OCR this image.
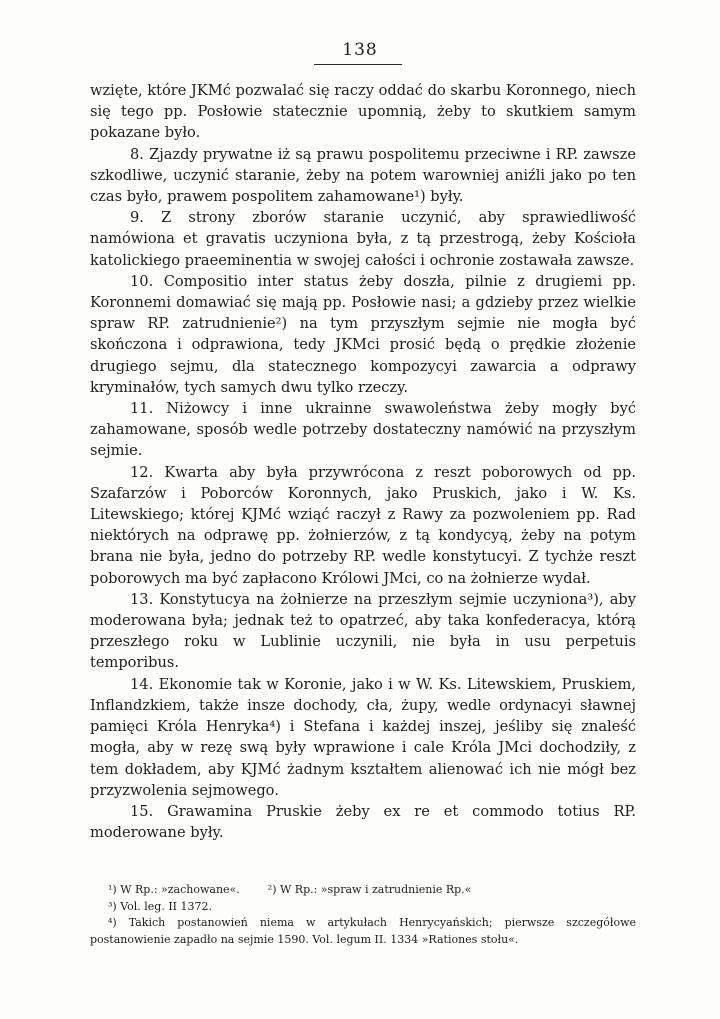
138

wzięte, które JKMć pozwalać się raczy oddać do skarbu Koronnego, niech się tego pp. Posłowie statecznie upomnią, żeby to skutkiem samym pokazane było.

8. Zjazdy prywatne iż są prawu pospolitemu przeciwne i RP. zawsze szkodliwe, uczynić staranie, żeby na potem warowniej aniźli jako po ten czas było, prawem pospolitem zahamowane¹) były.

9. Z strony zborów staranie uczynić, aby sprawiedliwość namówiona et gravatis uczyniona była, z tą przestrogą, żeby Kościoła katolickiego praeeminentia w swojej całości i ochronie zostawała zawsze.

10. Compositio inter status żeby doszła, pilnie z drugiemi pp. Koronnemi domawiać się mają pp. Posłowie nasi; a gdzieby przez wielkie spraw RP. zatrudnienie²) na tym przyszłym sejmie nie mogła być skończona i odprawiona, tedy JKMci prosić będą o prędkie złożenie drugiego sejmu, dla statecznego kompozycyi zawarcia a odprawy kryminałów, tych samych dwu tylko rzeczy.

11. Niżowcy i inne ukrainne swawoleństwa żeby mogły być zahamowane, sposób wedle potrzeby dostateczny namówić na przyszłym sejmie.

12. Kwarta aby była przywrócona z reszt poborowych od pp. Szafarzów i Poborców Koronnych, jako Pruskich, jako i W. Ks. Litewskiego; której KJMć wziąć raczył z Rawy za pozwoleniem pp. Rad niektórych na odprawę pp. żołnierzów, z tą kondycyą, żeby na potym brana nie była, jedno do potrzeby RP. wedle konstytucyi. Z tychże reszt poborowych ma być zapłacono Królowi JMci, co na żołnierze wydał.

13. Konstytucya na żołnierze na przeszłym sejmie uczyniona³), aby moderowana była; jednak też to opatrzeć, aby taka konfederacya, którą przeszłego roku w Lublinie uczynili, nie była in usu perpetuis temporibus.

14. Ekonomie tak w Koronie, jako i w W. Ks. Litewskiem, Pruskiem, Inflandzkiem, także insze dochody, cła, żupy, wedle ordynacyi sławnej pamięci Króla Henryka⁴) i Stefana i każdej inszej, jeśliby się znaleść mogła, aby w rezę swą były wprawione i cale Króla JMci dochodziły, z tem dokładem, aby KJMć żadnym kształtem alienować ich nie mógł bez przyzwolenia sejmowego.

15. Grawamina Pruskie żeby ex re et commodo totius RP. moderowane były.

¹) W Rp.: »zachowane«.	²) W Rp.: »spraw i zatrudnienie Rp.«

³) Vol. leg. II 1372.

⁴) Takich postanowień niema w artykułach Henrycyańskich; pierwsze szczegółowe postanowienie zapadło na sejmie 1590. Vol. legum II. 1334 »Rationes stołu«.
